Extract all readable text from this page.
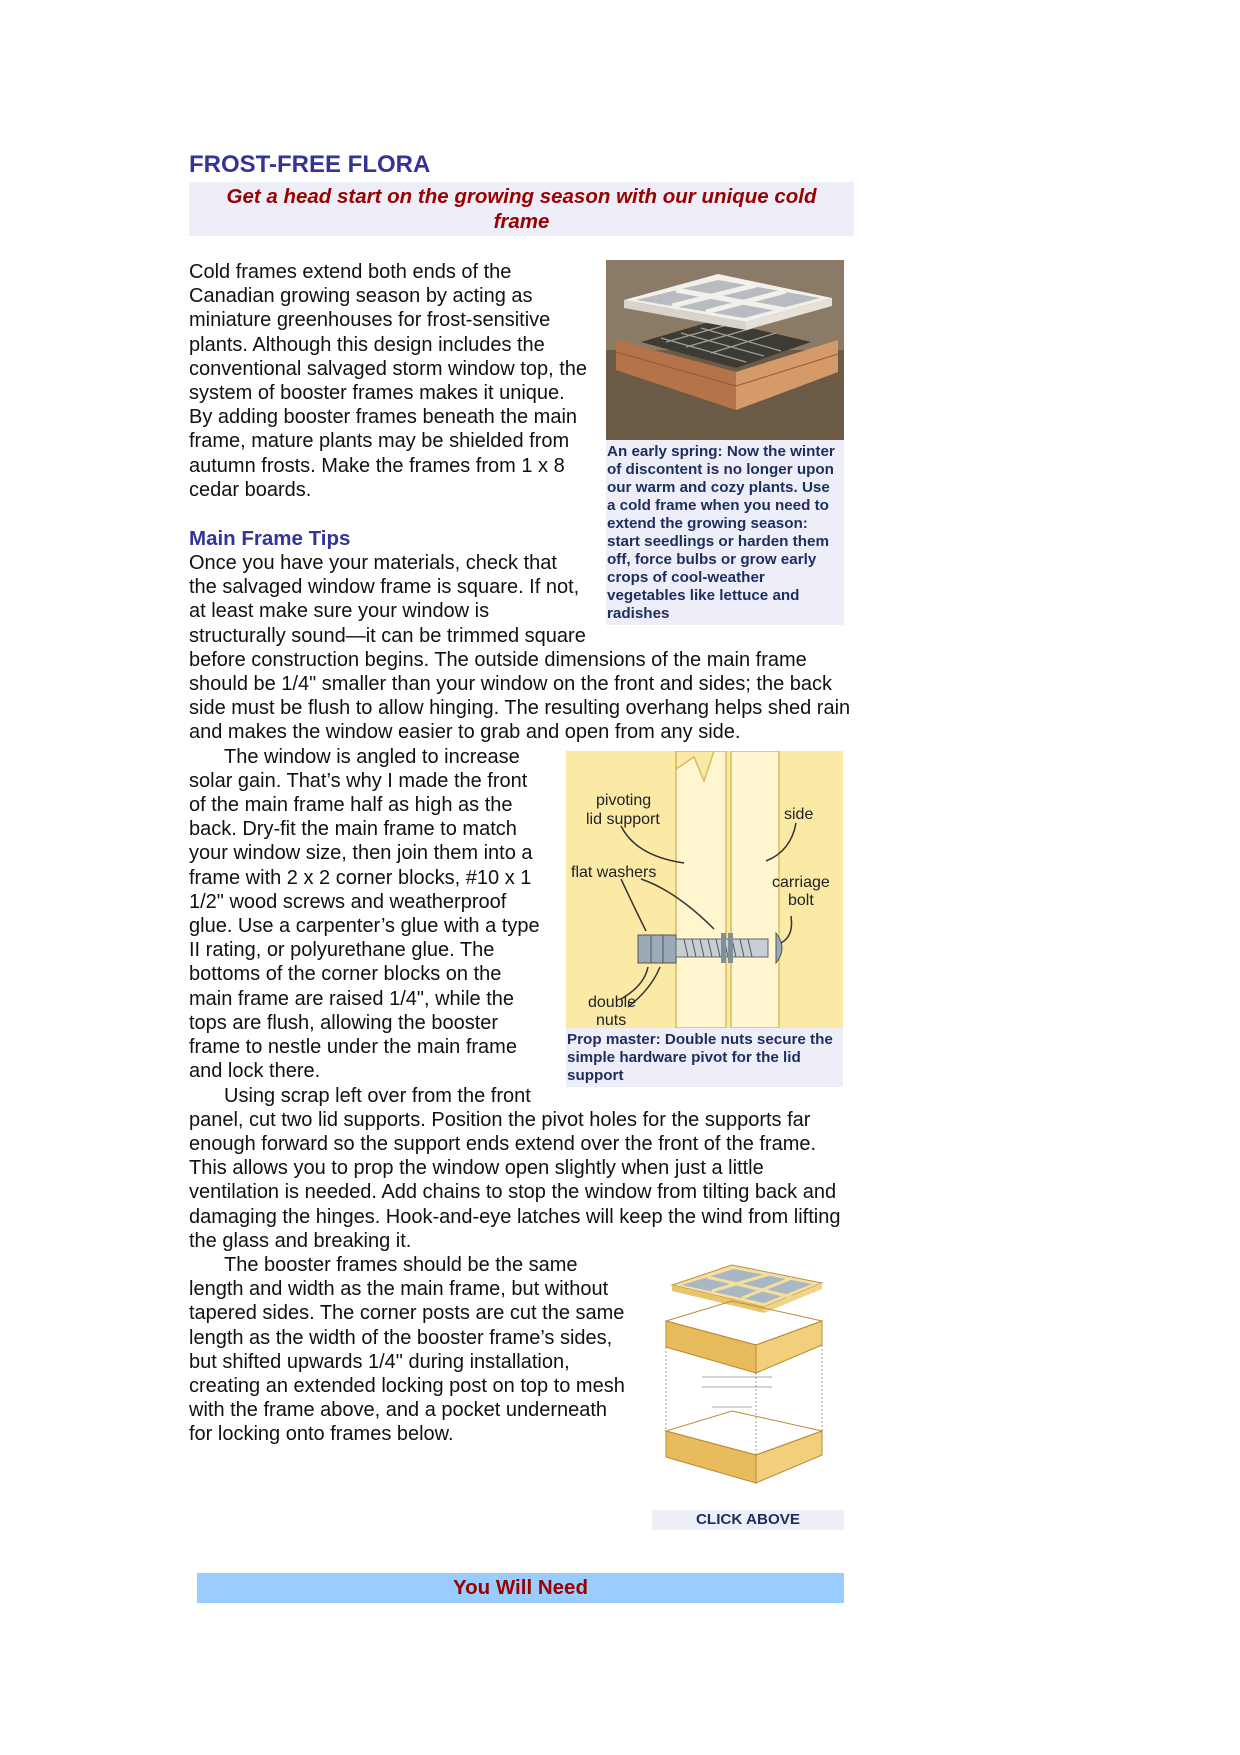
FROST-FREE FLORA
Get a head start on the growing season with our unique cold frame
An early spring: Now the winter of discontent is no longer upon our warm and cozy plants. Use a cold frame when you need to extend the growing season: start seedlings or harden them off, force bulbs or grow early crops of cool-weather vegetables like lettuce and radishes

Cold frames extend both ends of the Canadian growing season by acting as miniature greenhouses for frost-sensitive plants. Although this design includes the conventional salvaged storm window top, the system of booster frames makes it unique. By adding booster frames beneath the main frame, mature plants may be shielded from autumn frosts. Make the frames from 1 x 8 cedar boards.

Main Frame Tips

Once you have your materials, check that the salvaged window frame is square. If not, at least make sure your window is structurally sound—it can be trimmed square before construction begins. The outside dimensions of the main frame should be 1/4" smaller than your window on the front and sides; the back side must be flush to allow hinging. The resulting overhang helps shed rain and makes the window easier to grab and open from any side.

pivoting
lid support	side
flat washers
carriage
bolt
double
nuts
Prop master: Double nuts secure the simple hardware pivot for the lid support

The window is angled to increase solar gain. That’s why I made the front of the main frame half as high as the back. Dry-fit the main frame to match your window size, then join them into a frame with 2 x 2 corner blocks, #10 x 1 1/2" wood screws and weatherproof glue. Use a carpenter’s glue with a type II rating, or polyurethane glue. The bottoms of the corner blocks on the main frame are raised 1/4", while the tops are flush, allowing the booster frame to nestle under the main frame and lock there.

Using scrap left over from the front panel, cut two lid supports. Position the pivot holes for the supports far enough forward so the support ends extend over the front of the frame. This allows you to prop the window open slightly when just a little ventilation is needed. Add chains to stop the window from tilting back and damaging the hinges. Hook-and-eye latches will keep the wind from lifting the glass and breaking it.

CLICK ABOVE

The booster frames should be the same length and width as the main frame, but without tapered sides. The corner posts are cut the same length as the width of the booster frame’s sides, but shifted upwards 1/4" during installation, creating an extended locking post on top to mesh with the frame above, and a pocket underneath for locking onto frames below.

You Will Need
